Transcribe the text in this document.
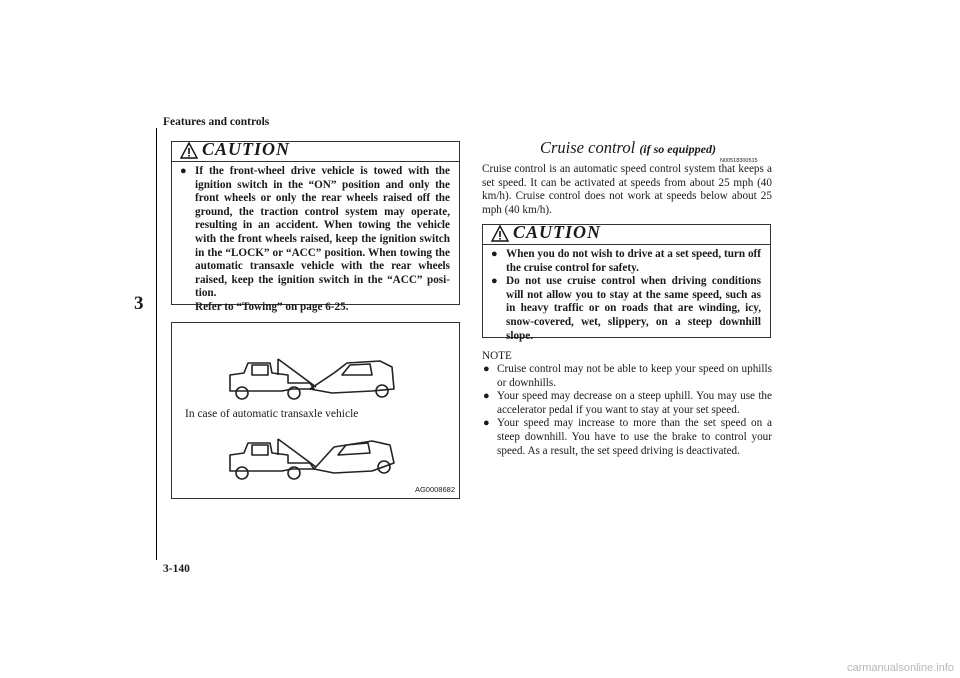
Features and controls
3
CAUTION
● If the front-wheel drive vehicle is towed with the ignition switch in the “ON” position and only the front wheels or only the rear wheels raised off the ground, the traction control system may operate, resulting in an accident. When towing the vehicle with the front wheels raised, keep the ignition switch in the “LOCK” or “ACC” position. When towing the automatic transaxle vehicle with the rear wheels raised, keep the ignition switch in the “ACC” posi-tion.
Refer to “Towing” on page 6-25.
In case of automatic transaxle vehicle
AG0008682
Cruise control (if so equipped)
N00518300515

Cruise control is an automatic speed control system that keeps a set speed. It can be activated at speeds from about 25 mph (40 km/h). Cruise control does not work at speeds below about 25 mph (40 km/h).

CAUTION
● When you do not wish to drive at a set speed, turn off the cruise control for safety.
● Do not use cruise control when driving conditions will not allow you to stay at the same speed, such as in heavy traffic or on roads that are winding, icy, snow-covered, wet, slippery, on a steep downhill slope.
NOTE
● Cruise control may not be able to keep your speed on uphills or downhills.
● Your speed may decrease on a steep uphill. You may use the accelerator pedal if you want to stay at your set speed.
● Your speed may increase to more than the set speed on a steep downhill. You have to use the brake to control your speed. As a result, the set speed driving is deactivated.
3-140
carmanualsonline.info
